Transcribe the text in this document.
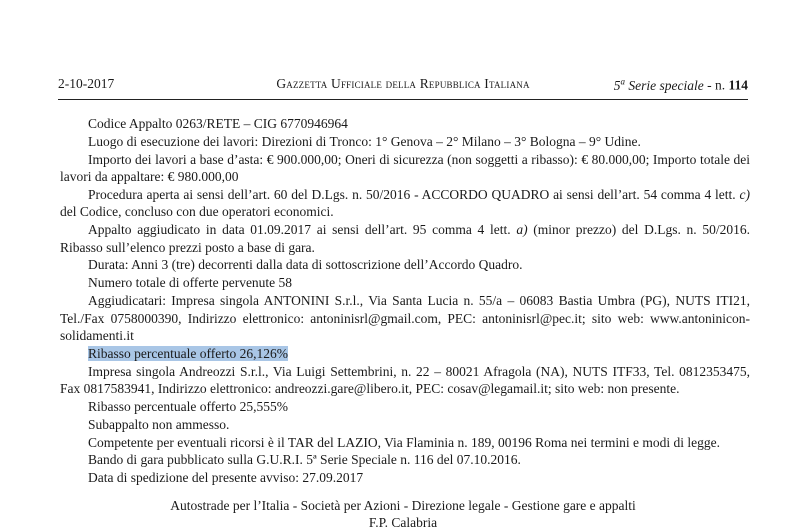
2-10-2017	Gazzetta Ufficiale della Repubblica Italiana	5$^a$ Serie speciale - n. 114

Codice Appalto 0263/RETE – CIG 6770946964

Luogo di esecuzione dei lavori: Direzioni di Tronco: 1° Genova – 2° Milano – 3° Bologna – 9° Udine.

Importo dei lavori a base d’asta: € 900.000,00; Oneri di sicurezza (non soggetti a ribasso): € 80.000,00; Importo totale dei lavori da appaltare: € 980.000,00

Procedura aperta ai sensi dell’art. 60 del D.Lgs. n. 50/2016 - ACCORDO QUADRO ai sensi dell’art. 54 comma 4 lett. c) del Codice, concluso con due operatori economici.

Appalto aggiudicato in data 01.09.2017 ai sensi dell’art. 95 comma 4 lett. a) (minor prezzo) del D.Lgs. n. 50/2016. Ribasso sull’elenco prezzi posto a base di gara.

Durata: Anni 3 (tre) decorrenti dalla data di sottoscrizione dell’Accordo Quadro.

Numero totale di offerte pervenute 58

Aggiudicatari: Impresa singola ANTONINI S.r.l., Via Santa Lucia n. 55/a – 06083 Bastia Umbra (PG), NUTS ITI21, Tel./Fax 0758000390, Indirizzo elettronico: antoninisrl@gmail.com, PEC: antoninisrl@pec.it; sito web: www.antoninicon-solidamenti.it

Ribasso percentuale offerto 26,126%

Impresa singola Andreozzi S.r.l., Via Luigi Settembrini, n. 22 – 80021 Afragola (NA), NUTS ITF33, Tel. 0812353475, Fax 0817583941, Indirizzo elettronico: andreozzi.gare@libero.it, PEC: cosav@legamail.it; sito web: non presente.

Ribasso percentuale offerto 25,555%

Subappalto non ammesso.

Competente per eventuali ricorsi è il TAR del LAZIO, Via Flaminia n. 189, 00196 Roma nei termini e modi di legge.

Bando di gara pubblicato sulla G.U.R.I. 5ª Serie Speciale n. 116 del 07.10.2016.

Data di spedizione del presente avviso: 27.09.2017

Autostrade per l’Italia - Società per Azioni - Direzione legale - Gestione gare e appalti
F.P. Calabria
